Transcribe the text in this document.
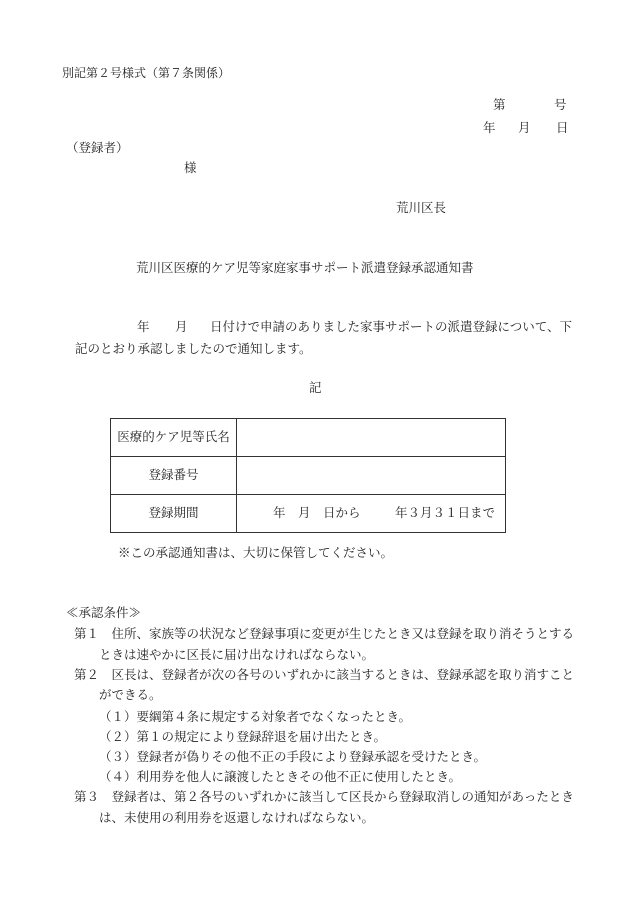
別記第２号様式（第７条関係）
第	号
年 月 日
（登録者）
様
荒川区長
荒川区医療的ケア児等家庭家事サポート派遣登録承認通知書
年 月 日付けで申請のありました家事サポートの派遣登録について、下
記のとおり承認しましたので通知します。
記
医療的ケア児等氏名	
登録番号	
登録期間	年　月　日から 年３月３１日まで
※この承認通知書は、大切に保管してください。
≪承認条件≫
第１　住所、家族等の状況など登録事項に変更が生じたとき又は登録を取り消そうとする
ときは速やかに区長に届け出なければならない。
第２　区長は、登録者が次の各号のいずれかに該当するときは、登録承認を取り消すこと
ができる。
（１）要綱第４条に規定する対象者でなくなったとき。
（２）第１の規定により登録辞退を届け出たとき。
（３）登録者が偽りその他不正の手段により登録承認を受けたとき。
（４）利用券を他人に譲渡したときその他不正に使用したとき。
第３　登録者は、第２各号のいずれかに該当して区長から登録取消しの通知があったとき
は、未使用の利用券を返還しなければならない。
